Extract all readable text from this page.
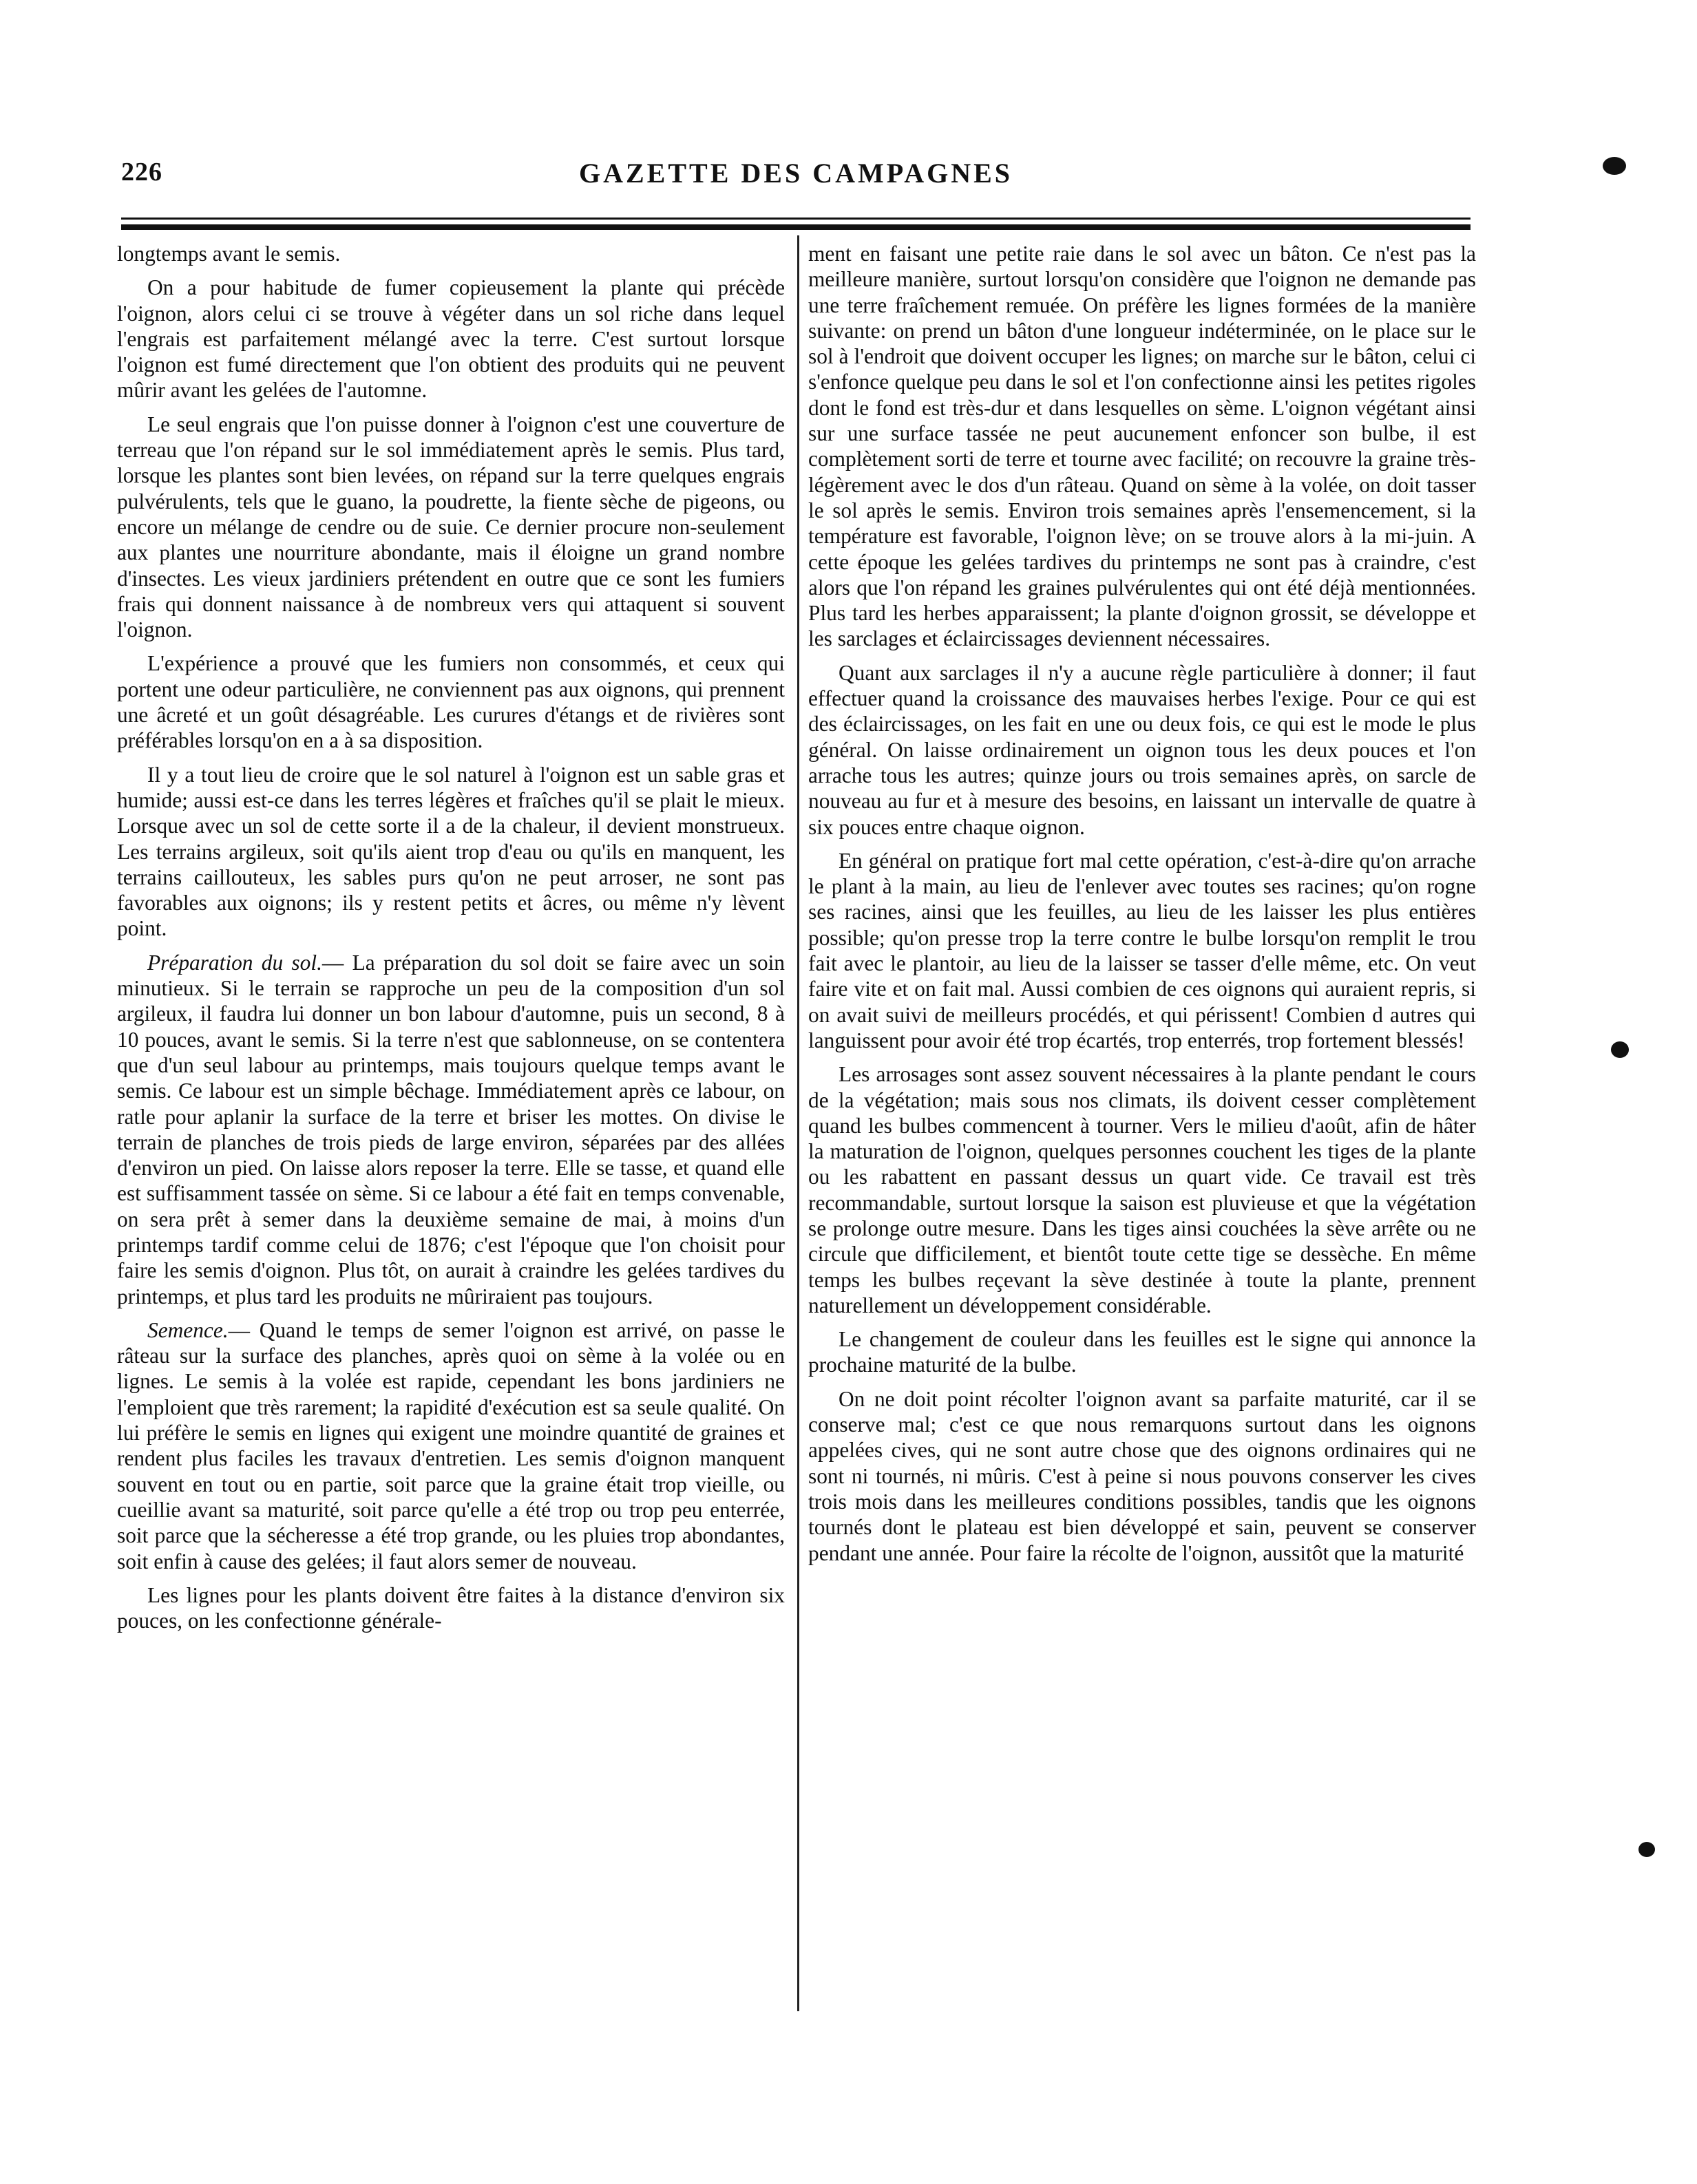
226	GAZETTE DES CAMPAGNES

longtemps avant le semis.

On a pour habitude de fumer copieusement la plante qui précède l'oignon, alors celui ci se trouve à végéter dans un sol riche dans lequel l'engrais est parfaitement mélangé avec la terre. C'est surtout lorsque l'oignon est fumé directement que l'on obtient des produits qui ne peuvent mûrir avant les gelées de l'automne.

Le seul engrais que l'on puisse donner à l'oignon c'est une couverture de terreau que l'on répand sur le sol immédiatement après le semis. Plus tard, lorsque les plantes sont bien levées, on répand sur la terre quelques engrais pulvérulents, tels que le guano, la poudrette, la fiente sèche de pigeons, ou encore un mélange de cendre ou de suie. Ce dernier procure non-seulement aux plantes une nourriture abondante, mais il éloigne un grand nombre d'insectes. Les vieux jardiniers prétendent en outre que ce sont les fumiers frais qui donnent naissance à de nombreux vers qui attaquent si souvent l'oignon.

L'expérience a prouvé que les fumiers non consommés, et ceux qui portent une odeur particulière, ne conviennent pas aux oignons, qui prennent une âcreté et un goût désagréable. Les curures d'étangs et de rivières sont préférables lorsqu'on en a à sa disposition.

Il y a tout lieu de croire que le sol naturel à l'oignon est un sable gras et humide; aussi est-ce dans les terres légères et fraîches qu'il se plait le mieux. Lorsque avec un sol de cette sorte il a de la chaleur, il devient monstrueux. Les terrains argileux, soit qu'ils aient trop d'eau ou qu'ils en manquent, les terrains caillouteux, les sables purs qu'on ne peut arroser, ne sont pas favorables aux oignons; ils y restent petits et âcres, ou même n'y lèvent point.

Préparation du sol.— La préparation du sol doit se faire avec un soin minutieux. Si le terrain se rapproche un peu de la composition d'un sol argileux, il faudra lui donner un bon labour d'automne, puis un second, 8 à 10 pouces, avant le semis. Si la terre n'est que sablonneuse, on se contentera que d'un seul labour au printemps, mais toujours quelque temps avant le semis. Ce labour est un simple bêchage. Immédiatement après ce labour, on ratle pour aplanir la surface de la terre et briser les mottes. On divise le terrain de planches de trois pieds de large environ, séparées par des allées d'environ un pied. On laisse alors reposer la terre. Elle se tasse, et quand elle est suffisamment tassée on sème. Si ce labour a été fait en temps convenable, on sera prêt à semer dans la deuxième semaine de mai, à moins d'un printemps tardif comme celui de 1876; c'est l'époque que l'on choisit pour faire les semis d'oignon. Plus tôt, on aurait à craindre les gelées tardives du printemps, et plus tard les produits ne mûriraient pas toujours.

Semence.— Quand le temps de semer l'oignon est arrivé, on passe le râteau sur la surface des planches, après quoi on sème à la volée ou en lignes. Le semis à la volée est rapide, cependant les bons jardiniers ne l'emploient que très rarement; la rapidité d'exécution est sa seule qualité. On lui préfère le semis en lignes qui exigent une moindre quantité de graines et rendent plus faciles les travaux d'entretien. Les semis d'oignon manquent souvent en tout ou en partie, soit parce que la graine était trop vieille, ou cueillie avant sa maturité, soit parce qu'elle a été trop ou trop peu enterrée, soit parce que la sécheresse a été trop grande, ou les pluies trop abondantes, soit enfin à cause des gelées; il faut alors semer de nouveau.

Les lignes pour les plants doivent être faites à la distance d'environ six pouces, on les confectionne générale-

ment en faisant une petite raie dans le sol avec un bâton. Ce n'est pas la meilleure manière, surtout lorsqu'on considère que l'oignon ne demande pas une terre fraîchement remuée. On préfère les lignes formées de la manière suivante: on prend un bâton d'une longueur indéterminée, on le place sur le sol à l'endroit que doivent occuper les lignes; on marche sur le bâton, celui ci s'enfonce quelque peu dans le sol et l'on confectionne ainsi les petites rigoles dont le fond est très-dur et dans lesquelles on sème. L'oignon végétant ainsi sur une surface tassée ne peut aucunement enfoncer son bulbe, il est complètement sorti de terre et tourne avec facilité; on recouvre la graine très-légèrement avec le dos d'un râteau. Quand on sème à la volée, on doit tasser le sol après le semis. Environ trois semaines après l'ensemencement, si la température est favorable, l'oignon lève; on se trouve alors à la mi-juin. A cette époque les gelées tardives du printemps ne sont pas à craindre, c'est alors que l'on répand les graines pulvérulentes qui ont été déjà mentionnées. Plus tard les herbes apparaissent; la plante d'oignon grossit, se développe et les sarclages et éclaircissages deviennent nécessaires.

Quant aux sarclages il n'y a aucune règle particulière à donner; il faut effectuer quand la croissance des mauvaises herbes l'exige. Pour ce qui est des éclaircissages, on les fait en une ou deux fois, ce qui est le mode le plus général. On laisse ordinairement un oignon tous les deux pouces et l'on arrache tous les autres; quinze jours ou trois semaines après, on sarcle de nouveau au fur et à mesure des besoins, en laissant un intervalle de quatre à six pouces entre chaque oignon.

En général on pratique fort mal cette opération, c'est-à-dire qu'on arrache le plant à la main, au lieu de l'enlever avec toutes ses racines; qu'on rogne ses racines, ainsi que les feuilles, au lieu de les laisser les plus entières possible; qu'on presse trop la terre contre le bulbe lorsqu'on remplit le trou fait avec le plantoir, au lieu de la laisser se tasser d'elle même, etc. On veut faire vite et on fait mal. Aussi combien de ces oignons qui auraient repris, si on avait suivi de meilleurs procédés, et qui périssent! Combien d autres qui languissent pour avoir été trop écartés, trop enterrés, trop fortement blessés!

Les arrosages sont assez souvent nécessaires à la plante pendant le cours de la végétation; mais sous nos climats, ils doivent cesser complètement quand les bulbes commencent à tourner. Vers le milieu d'août, afin de hâter la maturation de l'oignon, quelques personnes couchent les tiges de la plante ou les rabattent en passant dessus un quart vide. Ce travail est très recommandable, surtout lorsque la saison est pluvieuse et que la végétation se prolonge outre mesure. Dans les tiges ainsi couchées la sève arrête ou ne circule que difficilement, et bientôt toute cette tige se dessèche. En même temps les bulbes reçevant la sève destinée à toute la plante, prennent naturellement un développement considérable.

Le changement de couleur dans les feuilles est le signe qui annonce la prochaine maturité de la bulbe.

On ne doit point récolter l'oignon avant sa parfaite maturité, car il se conserve mal; c'est ce que nous remarquons surtout dans les oignons appelées cives, qui ne sont autre chose que des oignons ordinaires qui ne sont ni tournés, ni mûris. C'est à peine si nous pouvons conserver les cives trois mois dans les meilleures conditions possibles, tandis que les oignons tournés dont le plateau est bien développé et sain, peuvent se conserver pendant une année. Pour faire la récolte de l'oignon, aussitôt que la maturité
